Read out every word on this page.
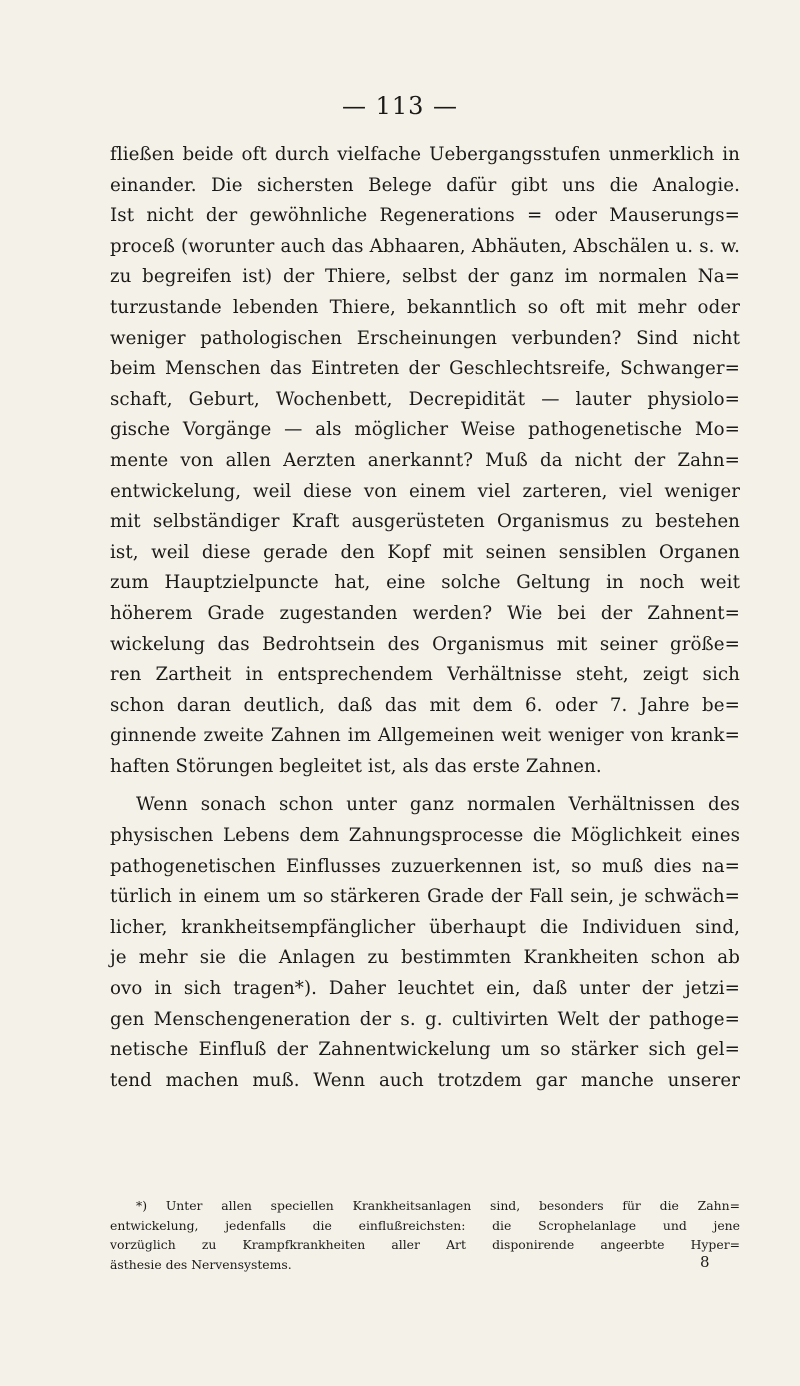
— 113 —
fließen beide oft durch vielfache Uebergangsstufen unmerklich in
einander. Die sichersten Belege dafür gibt uns die Analogie.
Ist nicht der gewöhnliche Regenerations = oder Mauserungs=
proceß (worunter auch das Abhaaren, Abhäuten, Abschälen u. s. w.
zu begreifen ist) der Thiere, selbst der ganz im normalen Na=
turzustande lebenden Thiere, bekanntlich so oft mit mehr oder
weniger pathologischen Erscheinungen verbunden? Sind nicht
beim Menschen das Eintreten der Geschlechtsreife, Schwanger=
schaft, Geburt, Wochenbett, Decrepidität — lauter physiolo=
gische Vorgänge — als möglicher Weise pathogenetische Mo=
mente von allen Aerzten anerkannt? Muß da nicht der Zahn=
entwickelung, weil diese von einem viel zarteren, viel weniger
mit selbständiger Kraft ausgerüsteten Organismus zu bestehen
ist, weil diese gerade den Kopf mit seinen sensiblen Organen
zum Hauptzielpuncte hat, eine solche Geltung in noch weit
höherem Grade zugestanden werden? Wie bei der Zahnent=
wickelung das Bedrohtsein des Organismus mit seiner größe=
ren Zartheit in entsprechendem Verhältnisse steht, zeigt sich
schon daran deutlich, daß das mit dem 6. oder 7. Jahre be=
ginnende zweite Zahnen im Allgemeinen weit weniger von krank=
haften Störungen begleitet ist, als das erste Zahnen.
Wenn sonach schon unter ganz normalen Verhältnissen des
physischen Lebens dem Zahnungsprocesse die Möglichkeit eines
pathogenetischen Einflusses zuzuerkennen ist, so muß dies na=
türlich in einem um so stärkeren Grade der Fall sein, je schwäch=
licher, krankheitsempfänglicher überhaupt die Individuen sind,
je mehr sie die Anlagen zu bestimmten Krankheiten schon ab
ovo in sich tragen*). Daher leuchtet ein, daß unter der jetzi=
gen Menschengeneration der s. g. cultivirten Welt der pathoge=
netische Einfluß der Zahnentwickelung um so stärker sich gel=
tend machen muß. Wenn auch trotzdem gar manche unserer
*) Unter allen speciellen Krankheitsanlagen sind, besonders für die Zahn=
entwickelung, jedenfalls die einflußreichsten: die Scrophelanlage und jene
vorzüglich zu Krampfkrankheiten aller Art disponirende angeerbte Hyper=
ästhesie des Nervensystems.	8
